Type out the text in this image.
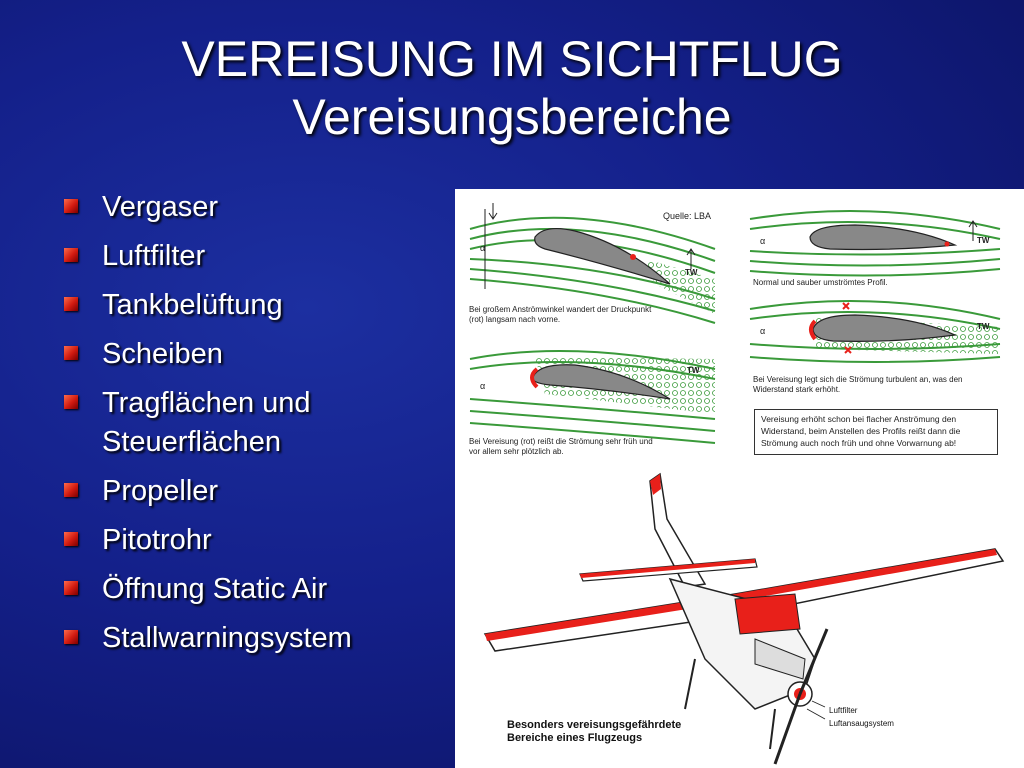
VEREISUNG IM SICHTFLUG
Vereisungsbereiche
Vergaser
Luftfilter
Tankbelüftung
Scheiben
Tragflächen und Steuerflächen
Propeller
Pitotrohr
Öffnung Static Air
Stallwarningsystem
TW
α
TW
α
TW
α
TW
α
Quelle: LBA
Bei großem Anströmwinkel wandert der Druckpunkt (rot) langsam nach vorne.
Normal und sauber umströmtes Profil.
Bei Vereisung legt sich die Strömung turbulent an, was den Widerstand stark erhöht.
Bei Vereisung (rot) reißt die Strömung sehr früh und vor allem sehr plötzlich ab.
Vereisung erhöht schon bei flacher Anströmung den Widerstand, beim Anstellen des Profils reißt dann die Strömung auch noch früh und ohne Vorwarnung ab!
Besonders vereisungsgefährdete
Bereiche eines Flugzeugs
Luftfilter
Luftansaugsystem
